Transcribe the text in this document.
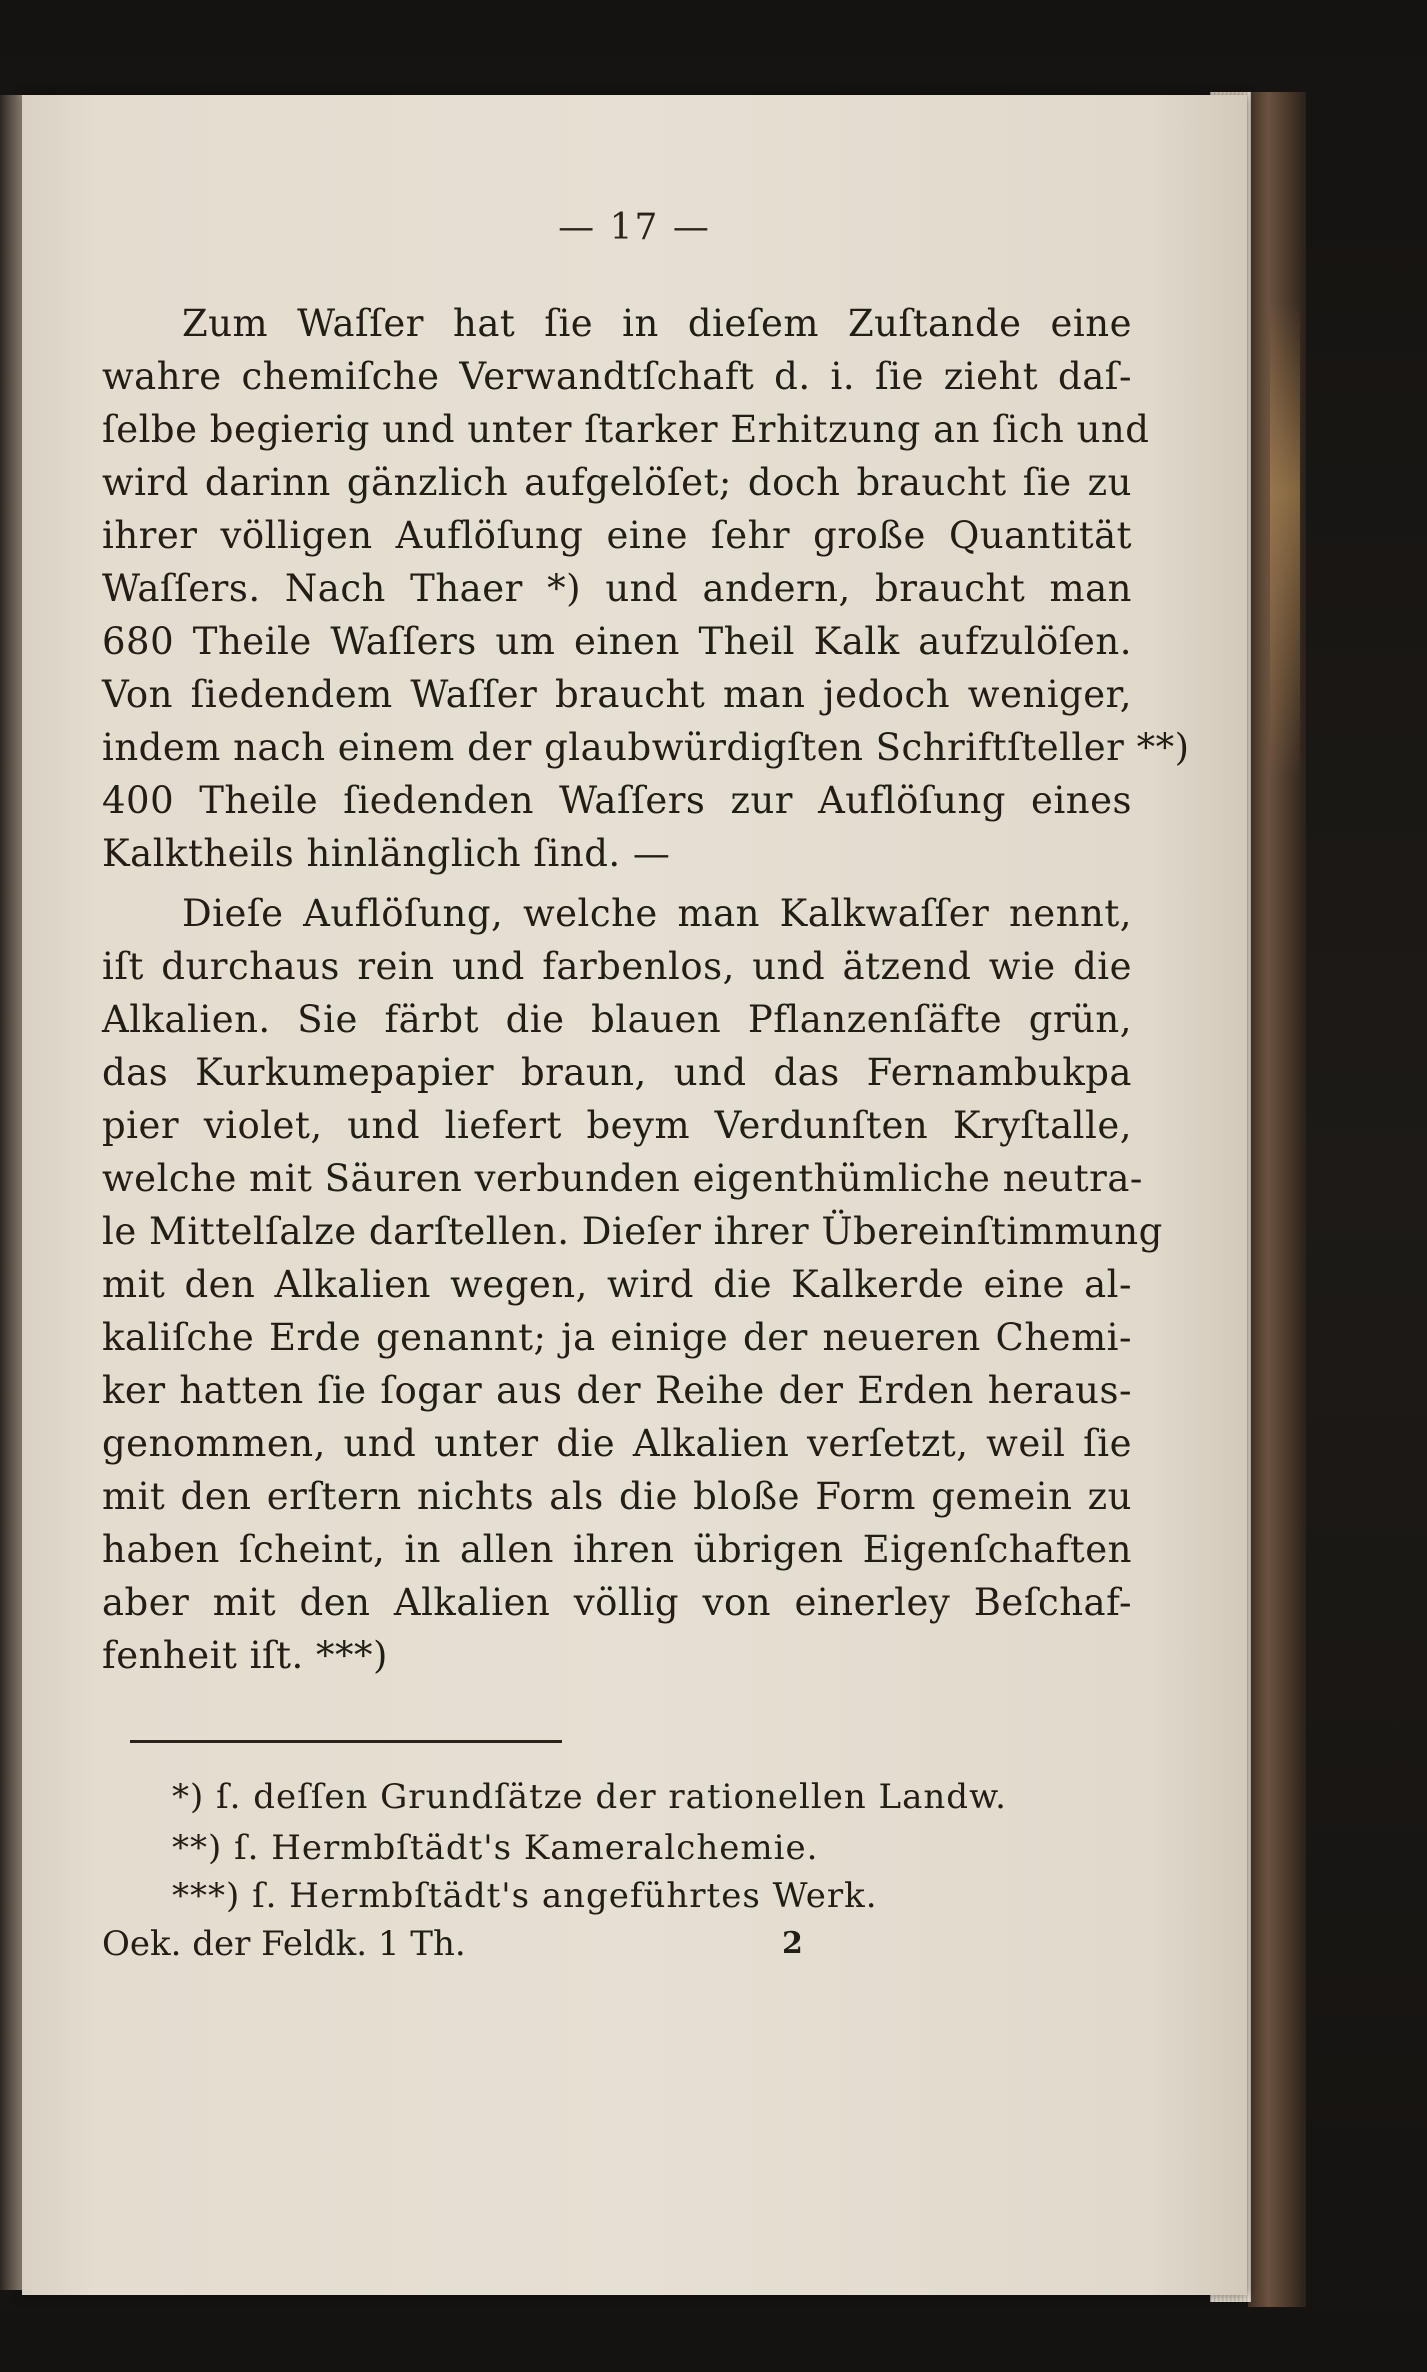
— 17 —

Zum Waſſer hat ſie in dieſem Zuſtande eine

wahre chemiſche Verwandtſchaft d. i. ſie zieht daſ-

ſelbe begierig und unter ſtarker Erhitzung an ſich und

wird darinn gänzlich aufgelöſet; doch braucht ſie zu

ihrer völligen Auflöſung eine ſehr große Quantität

Waſſers. Nach Thaer *) und andern, braucht man

680 Theile Waſſers um einen Theil Kalk aufzulöſen.

Von ſiedendem Waſſer braucht man jedoch weniger,

indem nach einem der glaubwürdigſten Schriftſteller **)

400 Theile ſiedenden Waſſers zur Auflöſung eines

Kalktheils hinlänglich ſind. —

Dieſe Auflöſung, welche man Kalkwaſſer nennt,

iſt durchaus rein und farbenlos, und ätzend wie die

Alkalien. Sie färbt die blauen Pflanzenſäfte grün,

das Kurkumepapier braun, und das Fernambukpa

pier violet, und liefert beym Verdunſten Kryſtalle,

welche mit Säuren verbunden eigenthümliche neutra-

le Mittelſalze darſtellen. Dieſer ihrer Übereinſtimmung

mit den Alkalien wegen, wird die Kalkerde eine al-

kaliſche Erde genannt; ja einige der neueren Chemi-

ker hatten ſie ſogar aus der Reihe der Erden heraus-

genommen, und unter die Alkalien verſetzt, weil ſie

mit den erſtern nichts als die bloße Form gemein zu

haben ſcheint, in allen ihren übrigen Eigenſchaften

aber mit den Alkalien völlig von einerley Beſchaf-

fenheit iſt. ***)

*) ſ. deſſen Grundſätze der rationellen Landw.

**) ſ. Hermbſtädt's Kameralchemie.

***) ſ. Hermbſtädt's angeführtes Werk.

Oek. der Feldk. 1 Th.	2
